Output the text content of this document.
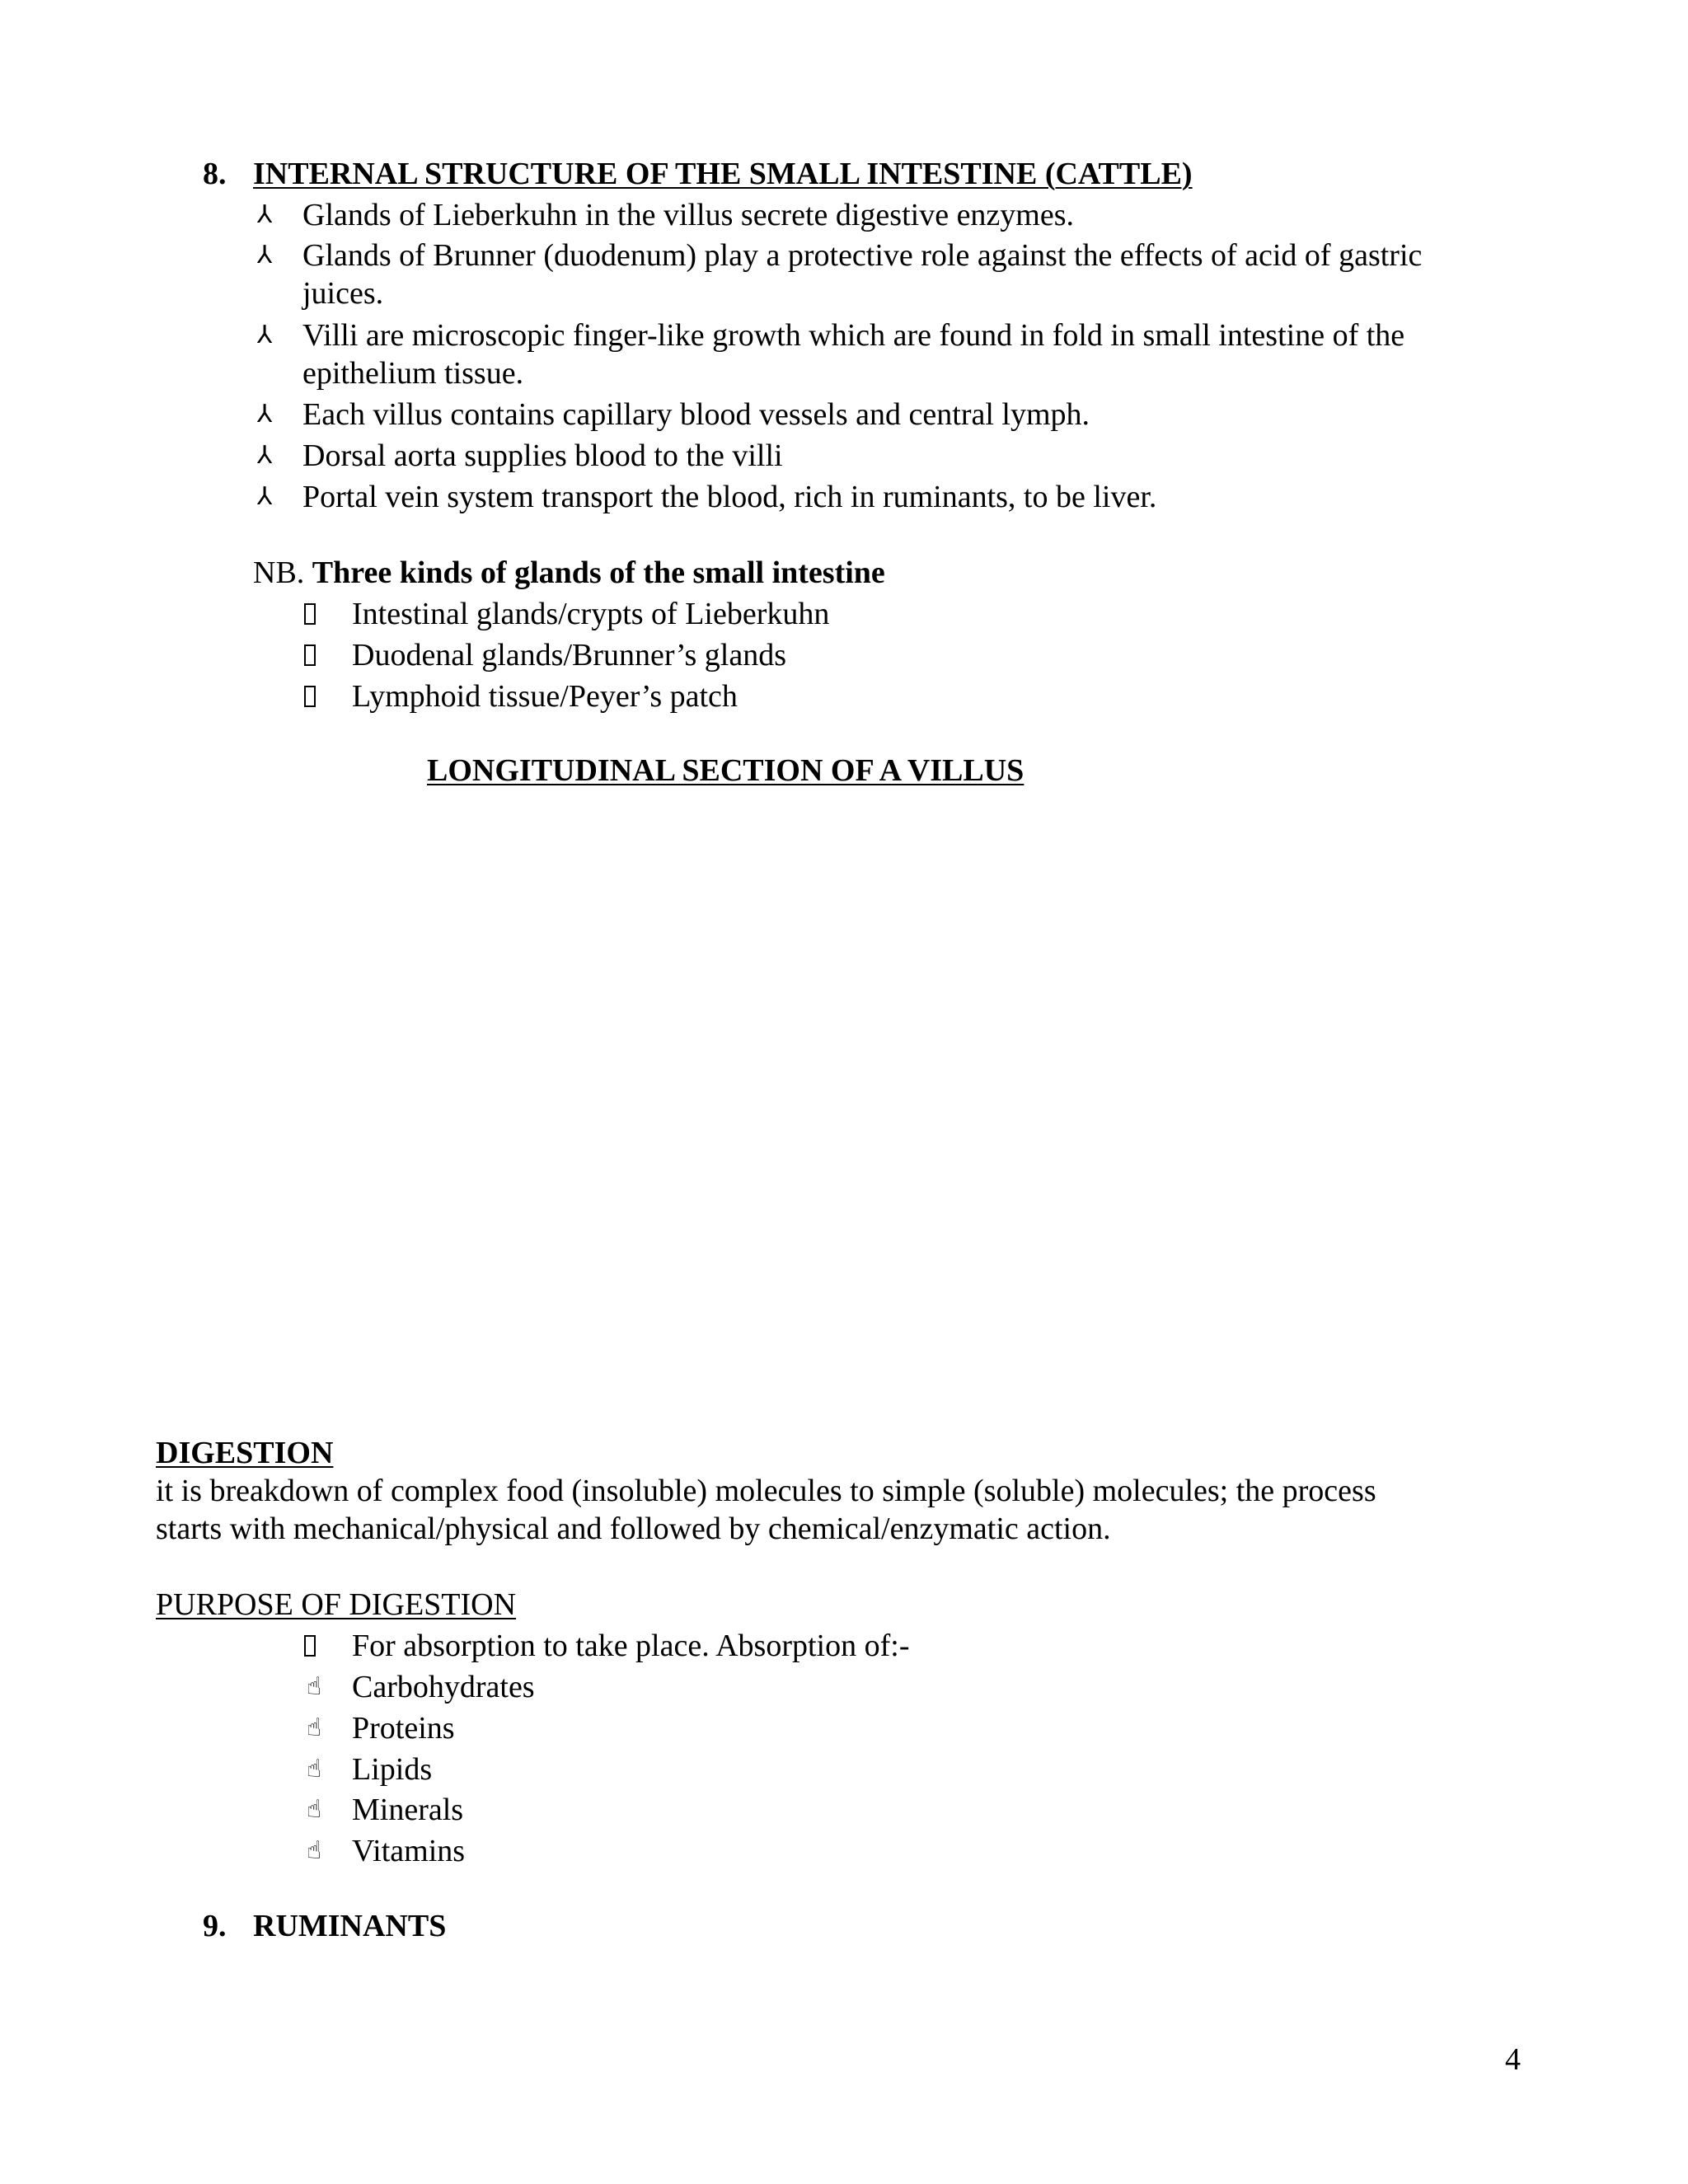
8. INTERNAL STRUCTURE OF THE SMALL INTESTINE (CATTLE)
⅄ Glands of Lieberkuhn in the villus secrete digestive enzymes.
⅄ Glands of Brunner (duodenum) play a protective role against the effects of acid of gastric
juices.
⅄ Villi are microscopic finger-like growth which are found in fold in small intestine of the
epithelium tissue.
⅄ Each villus contains capillary blood vessels and central lymph.
⅄ Dorsal aorta supplies blood to the villi
⅄ Portal vein system transport the blood, rich in ruminants, to be liver.
NB. Three kinds of glands of the small intestine
Intestinal glands/crypts of Lieberkuhn
Duodenal glands/Brunner’s glands
Lymphoid tissue/Peyer’s patch
LONGITUDINAL SECTION OF A VILLUS
DIGESTION
it is breakdown of complex food (insoluble) molecules to simple (soluble) molecules; the process
starts with mechanical/physical and followed by chemical/enzymatic action.
PURPOSE OF DIGESTION
For absorption to take place. Absorption of:-
☝ Carbohydrates
☝ Proteins
☝ Lipids
☝ Minerals
☝ Vitamins
9. RUMINANTS
4
